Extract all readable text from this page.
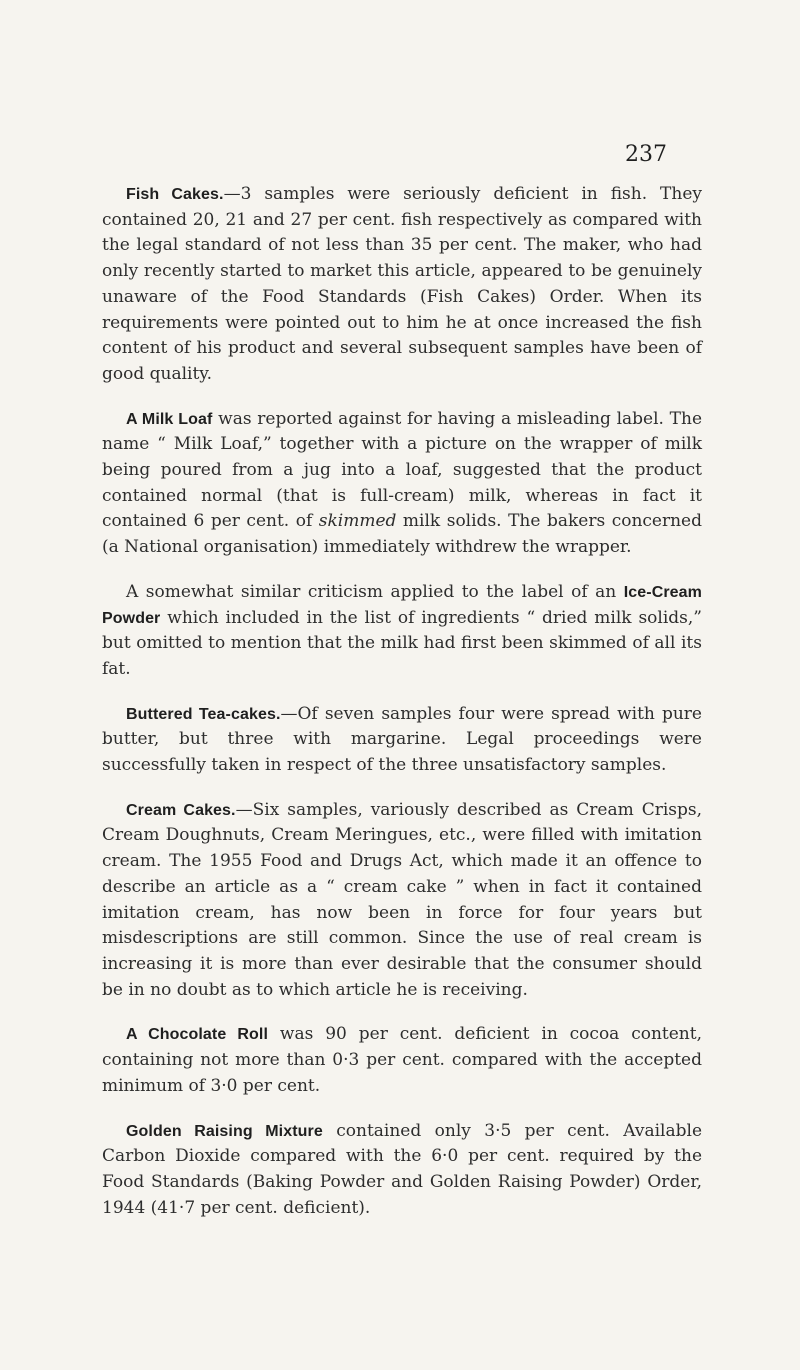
237

Fish Cakes.—3 samples were seriously deficient in fish. They contained 20, 21 and 27 per cent. fish respectively as compared with the legal standard of not less than 35 per cent. The maker, who had only recently started to market this article, appeared to be genuinely unaware of the Food Standards (Fish Cakes) Order. When its requirements were pointed out to him he at once increased the fish content of his product and several subsequent samples have been of good quality.

A Milk Loaf was reported against for having a misleading label. The name “ Milk Loaf,” together with a picture on the wrapper of milk being poured from a jug into a loaf, suggested that the product contained normal (that is full-cream) milk, whereas in fact it contained 6 per cent. of skimmed milk solids. The bakers concerned (a National organisation) immediately withdrew the wrapper.

A somewhat similar criticism applied to the label of an Ice-Cream Powder which included in the list of ingredients “ dried milk solids,” but omitted to mention that the milk had first been skimmed of all its fat.

Buttered Tea-cakes.—Of seven samples four were spread with pure butter, but three with margarine. Legal proceedings were successfully taken in respect of the three unsatisfactory samples.

Cream Cakes.—Six samples, variously described as Cream Crisps, Cream Doughnuts, Cream Meringues, etc., were filled with imitation cream. The 1955 Food and Drugs Act, which made it an offence to describe an article as a “ cream cake ” when in fact it contained imitation cream, has now been in force for four years but misdescriptions are still common. Since the use of real cream is increasing it is more than ever desirable that the consumer should be in no doubt as to which article he is receiving.

A Chocolate Roll was 90 per cent. deficient in cocoa content, containing not more than 0·3 per cent. compared with the accepted minimum of 3·0 per cent.

Golden Raising Mixture contained only 3·5 per cent. Available Carbon Dioxide compared with the 6·0 per cent. required by the Food Standards (Baking Powder and Golden Raising Powder) Order, 1944 (41·7 per cent. deficient).
